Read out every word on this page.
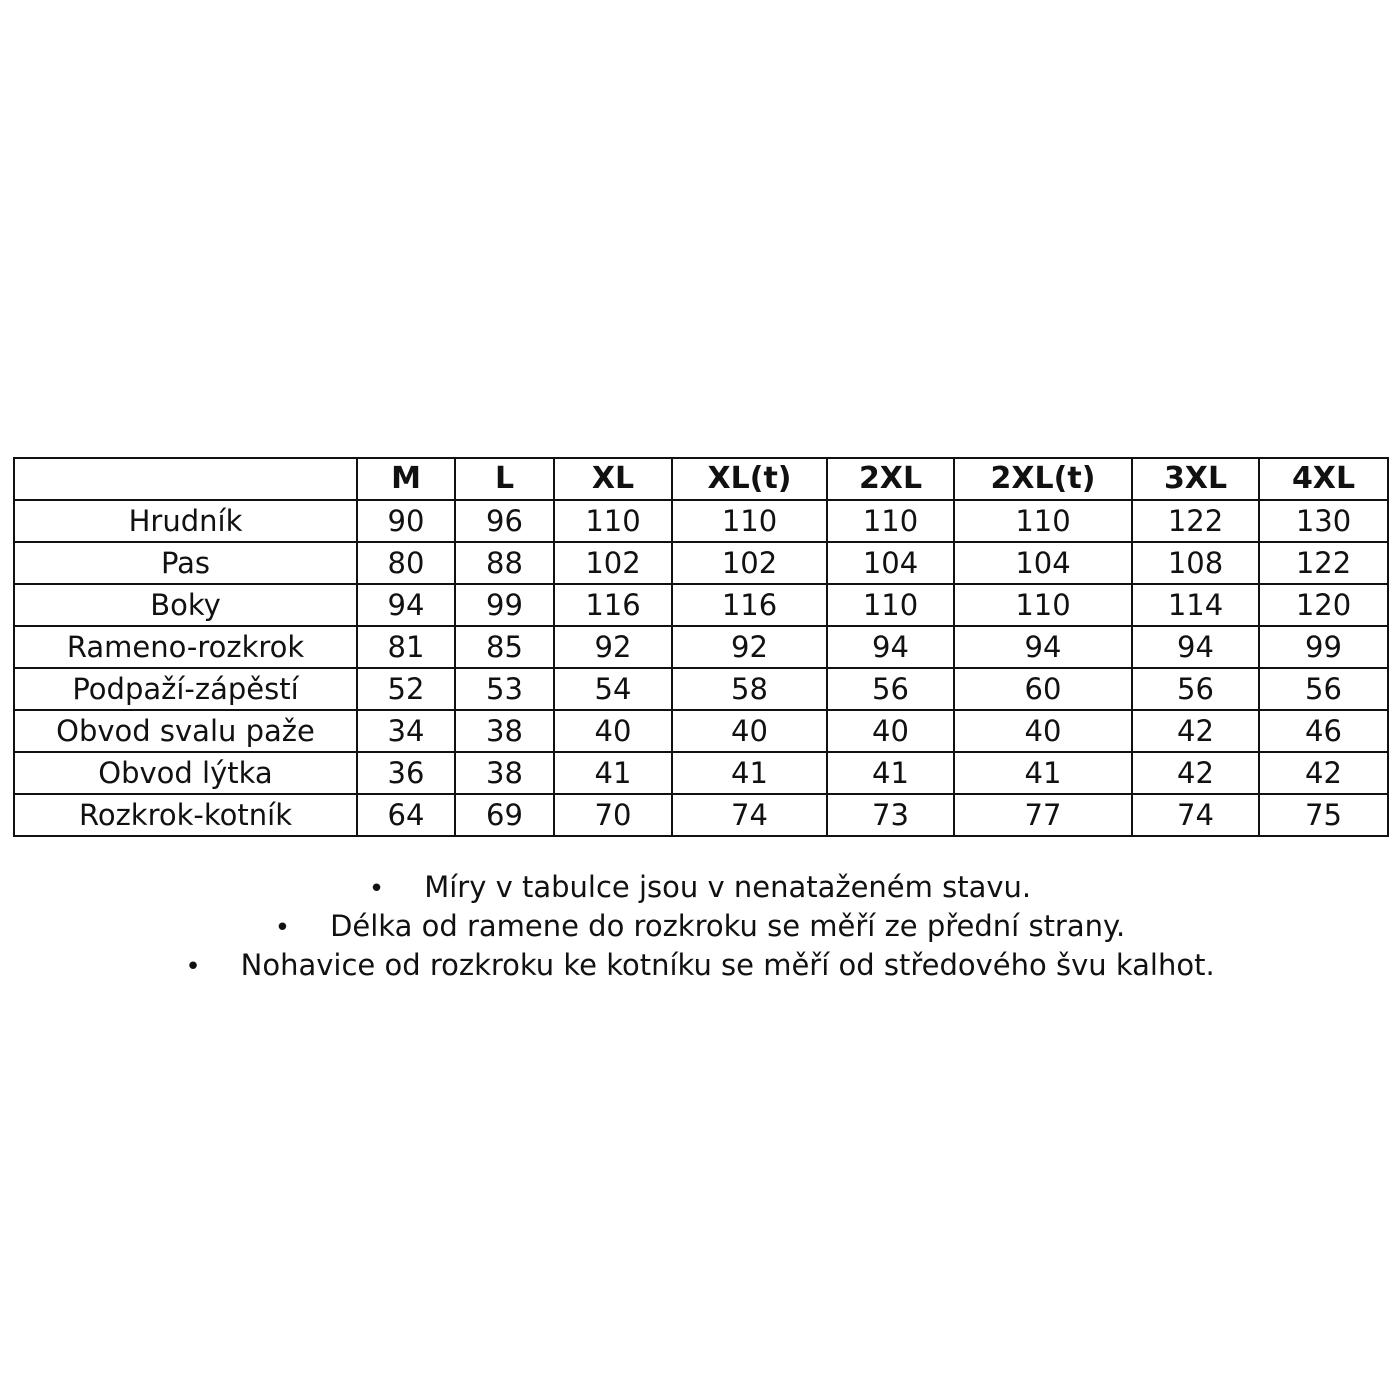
	M	L	XL	XL(t)	2XL	2XL(t)	3XL	4XL
Hrudník	90	96	110	110	110	110	122	130
Pas	80	88	102	102	104	104	108	122
Boky	94	99	116	116	110	110	114	120
Rameno-rozkrok	81	85	92	92	94	94	94	99
Podpaží-zápěstí	52	53	54	58	56	60	56	56
Obvod svalu paže	34	38	40	40	40	40	42	46
Obvod lýtka	36	38	41	41	41	41	42	42
Rozkrok-kotník	64	69	70	74	73	77	74	75
• Míry v tabulce jsou v nenataženém stavu.
• Délka od ramene do rozkroku se měří ze přední strany.
• Nohavice od rozkroku ke kotníku se měří od středového švu kalhot.
